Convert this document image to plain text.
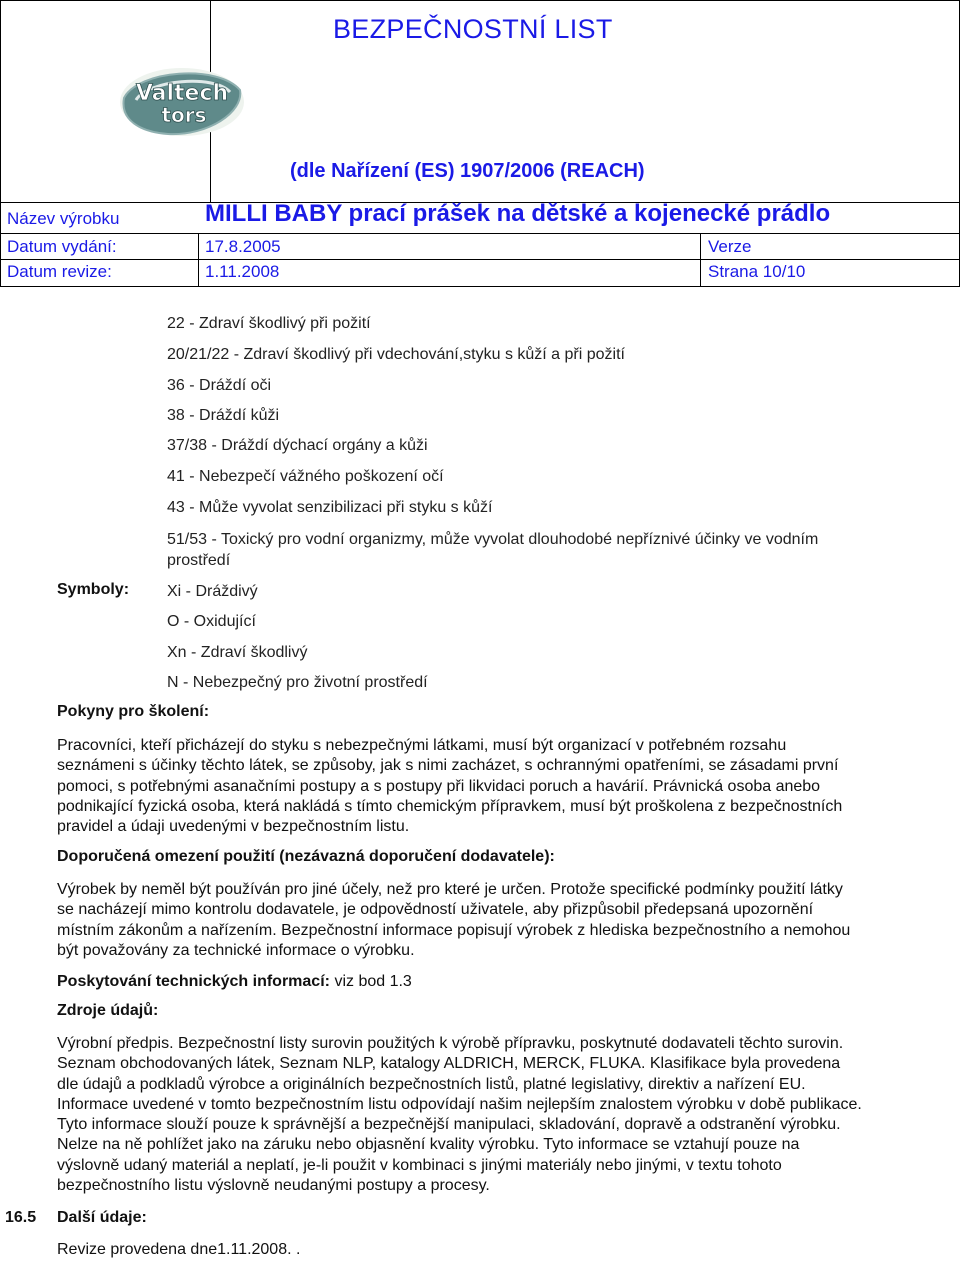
BEZPEČNOSTNÍ LIST
Valtech
tors
(dle Nařízení (ES) 1907/2006 (REACH)
Název výrobku	MILLI BABY prací prášek na dětské a kojenecké prádlo
Datum vydání:	17.8.2005	Verze
Datum revize:	1.11.2008	Strana 10/10
22 - Zdraví škodlivý při požití
20/21/22 - Zdraví škodlivý při vdechování,styku s kůží a při požití
36 - Dráždí oči
38 - Dráždí kůži
37/38 - Dráždí dýchací orgány a kůži
41 - Nebezpečí vážného poškození očí
43 - Může vyvolat senzibilizaci při styku s kůží
51/53 - Toxický pro vodní organizmy, může vyvolat dlouhodobé nepříznivé účinky ve vodním
prostředí
Symboly: Xi - Dráždivý
O - Oxidující
Xn - Zdraví škodlivý
N - Nebezpečný pro životní prostředí
Pokyny pro školení:
Pracovníci, kteří přicházejí do styku s nebezpečnými látkami, musí být organizací v potřebném rozsahu
seznámeni s účinky těchto látek, se způsoby, jak s nimi zacházet, s ochrannými opatřeními, se zásadami první
pomoci, s potřebnými asanačními postupy a s postupy při likvidaci poruch a havárií. Právnická osoba anebo
podnikající fyzická osoba, která nakládá s tímto chemickým přípravkem, musí být proškolena z bezpečnostních
pravidel a údaji uvedenými v bezpečnostním listu.
Doporučená omezení použití (nezávazná doporučení dodavatele):
Výrobek by neměl být používán pro jiné účely, než pro které je určen. Protože specifické podmínky použití látky
se nacházejí mimo kontrolu dodavatele, je odpovědností uživatele, aby přizpůsobil předepsaná upozornění
místním zákonům a nařízením. Bezpečnostní informace popisují výrobek z hlediska bezpečnostního a nemohou
být považovány za technické informace o výrobku.
Poskytování technických informací: viz bod 1.3
Zdroje údajů:
Výrobní předpis. Bezpečnostní listy surovin použitých k výrobě přípravku, poskytnuté dodavateli těchto surovin.
Seznam obchodovaných látek, Seznam NLP, katalogy ALDRICH, MERCK, FLUKA. Klasifikace byla provedena
dle údajů a podkladů výrobce a originálních bezpečnostních listů, platné legislativy, direktiv a nařízení EU.
Informace uvedené v tomto bezpečnostním listu odpovídají našim nejlepším znalostem výrobku v době publikace.
Tyto informace slouží pouze k správnější a bezpečnější manipulaci, skladování, dopravě a odstranění výrobku.
Nelze na ně pohlížet jako na záruku nebo objasnění kvality výrobku. Tyto informace se vztahují pouze na
výslovně udaný materiál a neplatí, je-li použit v kombinaci s jinými materiály nebo jinými, v textu tohoto
bezpečnostního listu výslovně neudanými postupy a procesy.
16.5 Další údaje:
Revize provedena dne1.11.2008. .
